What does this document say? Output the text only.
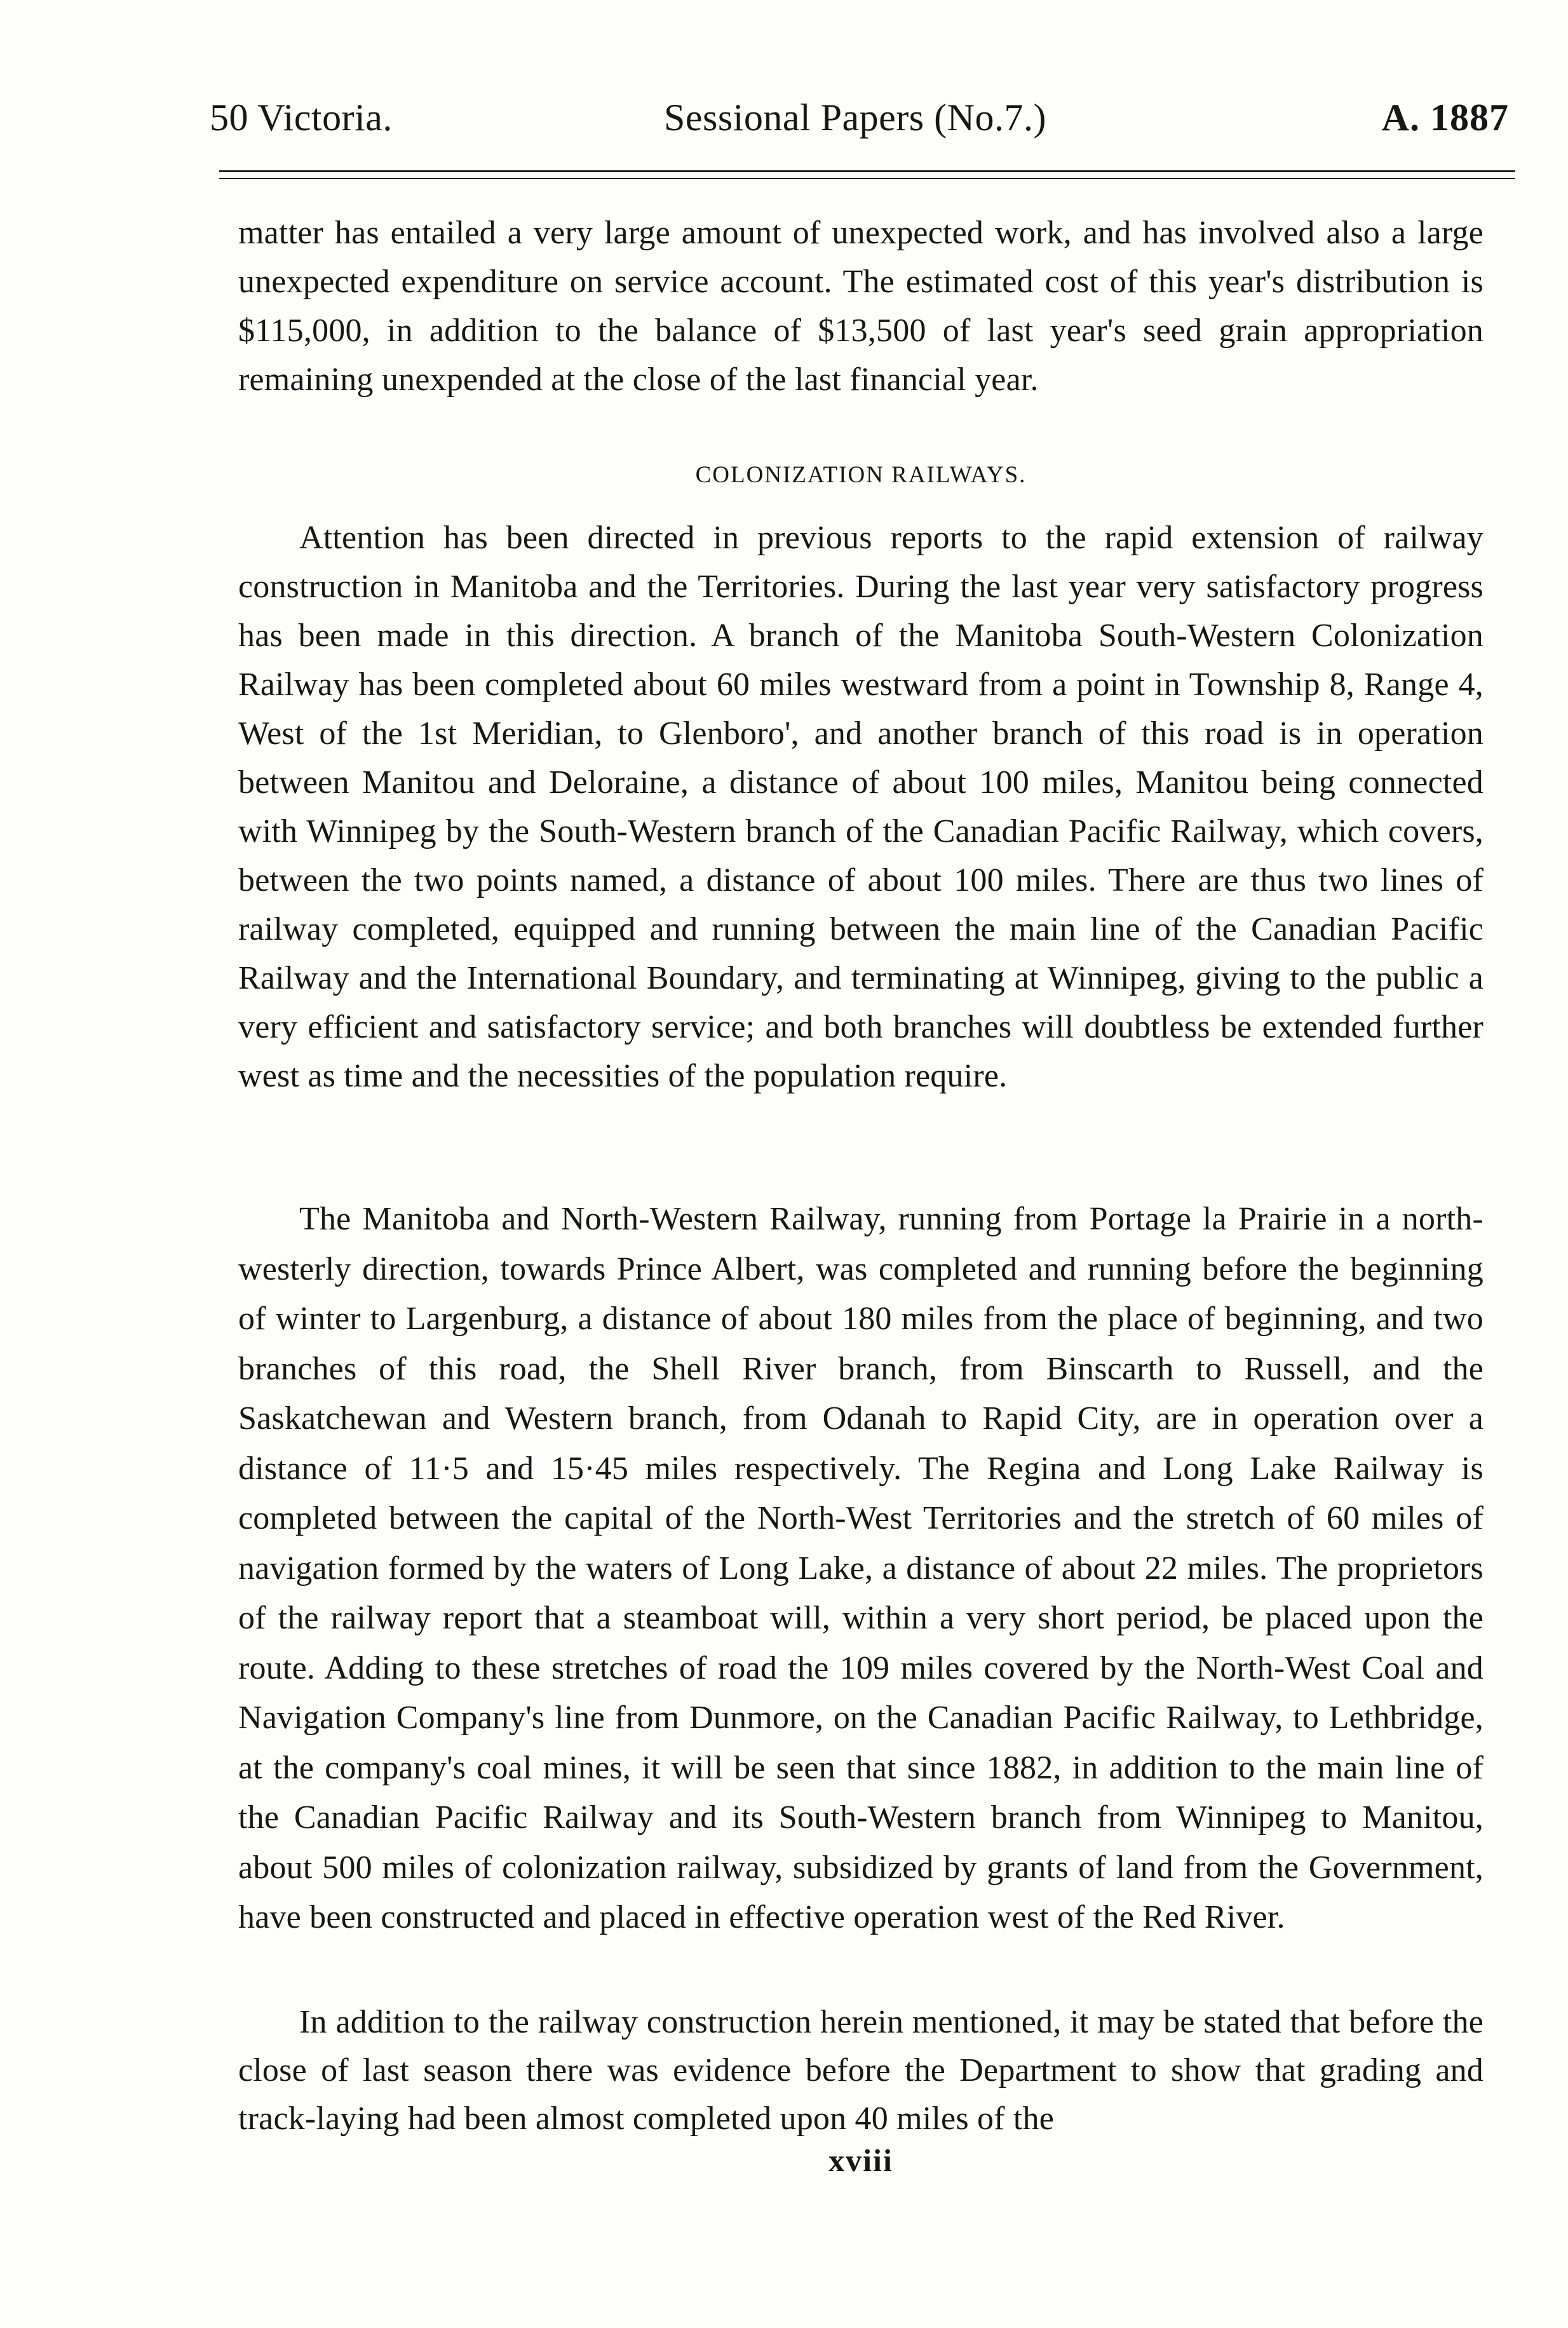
50 Victoria.	Sessional Papers (No.7.)	A. 1887

matter has entailed a very large amount of unexpected work, and has involved also a large unexpected expenditure on service account. The estimated cost of this year's distribution is $115,000, in addition to the balance of $13,500 of last year's seed grain appropriation remaining unexpended at the close of the last financial year.

COLONIZATION RAILWAYS.

Attention has been directed in previous reports to the rapid extension of railway construction in Manitoba and the Territories. During the last year very satisfactory progress has been made in this direction. A branch of the Manitoba South-Western Colonization Railway has been completed about 60 miles westward from a point in Township 8, Range 4, West of the 1st Meridian, to Glenboro', and another branch of this road is in operation between Manitou and Deloraine, a distance of about 100 miles, Manitou being connected with Winnipeg by the South-Western branch of the Canadian Pacific Railway, which covers, between the two points named, a distance of about 100 miles. There are thus two lines of railway completed, equipped and running between the main line of the Canadian Pacific Railway and the International Boundary, and terminating at Winnipeg, giving to the public a very efficient and satisfactory service; and both branches will doubtless be extended further west as time and the necessities of the population require.

The Manitoba and North-Western Railway, running from Portage la Prairie in a north-westerly direction, towards Prince Albert, was completed and running before the beginning of winter to Largenburg, a distance of about 180 miles from the place of beginning, and two branches of this road, the Shell River branch, from Binscarth to Russell, and the Saskatchewan and Western branch, from Odanah to Rapid City, are in operation over a distance of 11·5 and 15·45 miles respectively. The Regina and Long Lake Railway is completed between the capital of the North-West Territories and the stretch of 60 miles of navigation formed by the waters of Long Lake, a distance of about 22 miles. The proprietors of the railway report that a steamboat will, within a very short period, be placed upon the route. Adding to these stretches of road the 109 miles covered by the North-West Coal and Navigation Company's line from Dunmore, on the Canadian Pacific Railway, to Lethbridge, at the company's coal mines, it will be seen that since 1882, in addition to the main line of the Canadian Pacific Railway and its South-Western branch from Winnipeg to Manitou, about 500 miles of colonization railway, subsidized by grants of land from the Government, have been constructed and placed in effective operation west of the Red River.

In addition to the railway construction herein mentioned, it may be stated that before the close of last season there was evidence before the Department to show that grading and track-laying had been almost completed upon 40 miles of the

xviii
